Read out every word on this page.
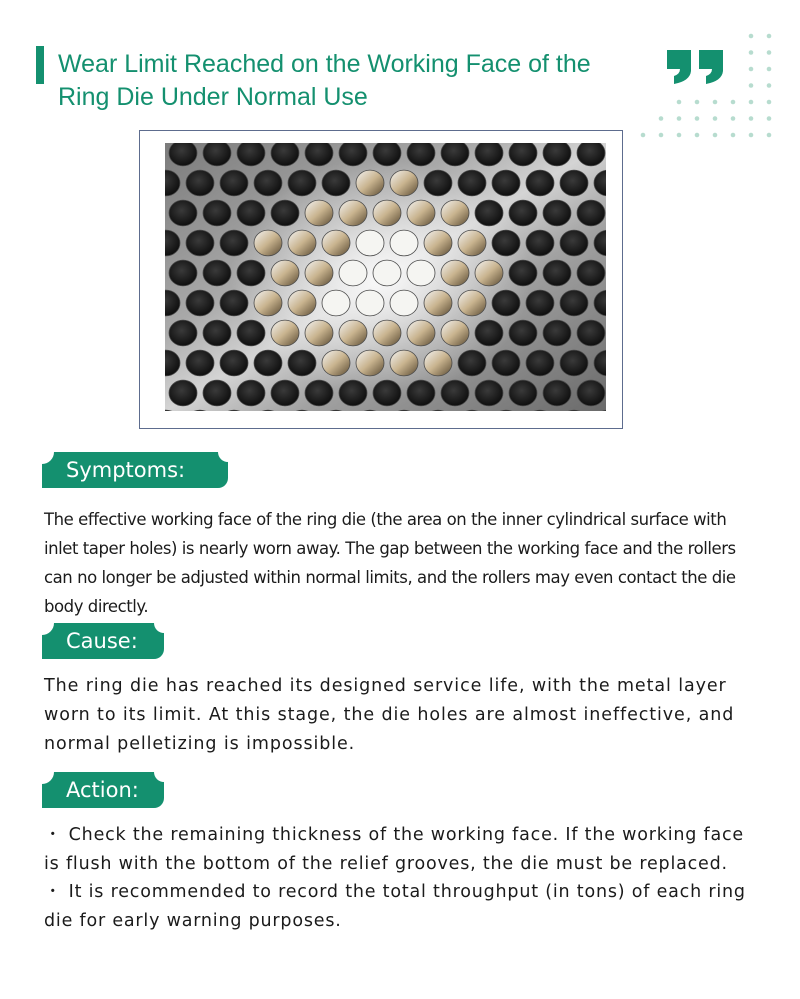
Wear Limit Reached on the Working Face of the Ring Die Under Normal Use
Symptoms:

The effective working face of the ring die (the area on the inner cylindrical surface with inlet taper holes) is nearly worn away. The gap between the working face and the rollers can no longer be adjusted within normal limits, and the rollers may even contact the die body directly.

Cause:

The ring die has reached its designed service life, with the metal layer worn to its limit. At this stage, the die holes are almost ineffective, and normal pelletizing is impossible.

Action:
・ Check the remaining thickness of the working face. If the working face is flush with the bottom of the relief grooves, the die must be replaced.
・ It is recommended to record the total throughput (in tons) of each ring die for early warning purposes.
